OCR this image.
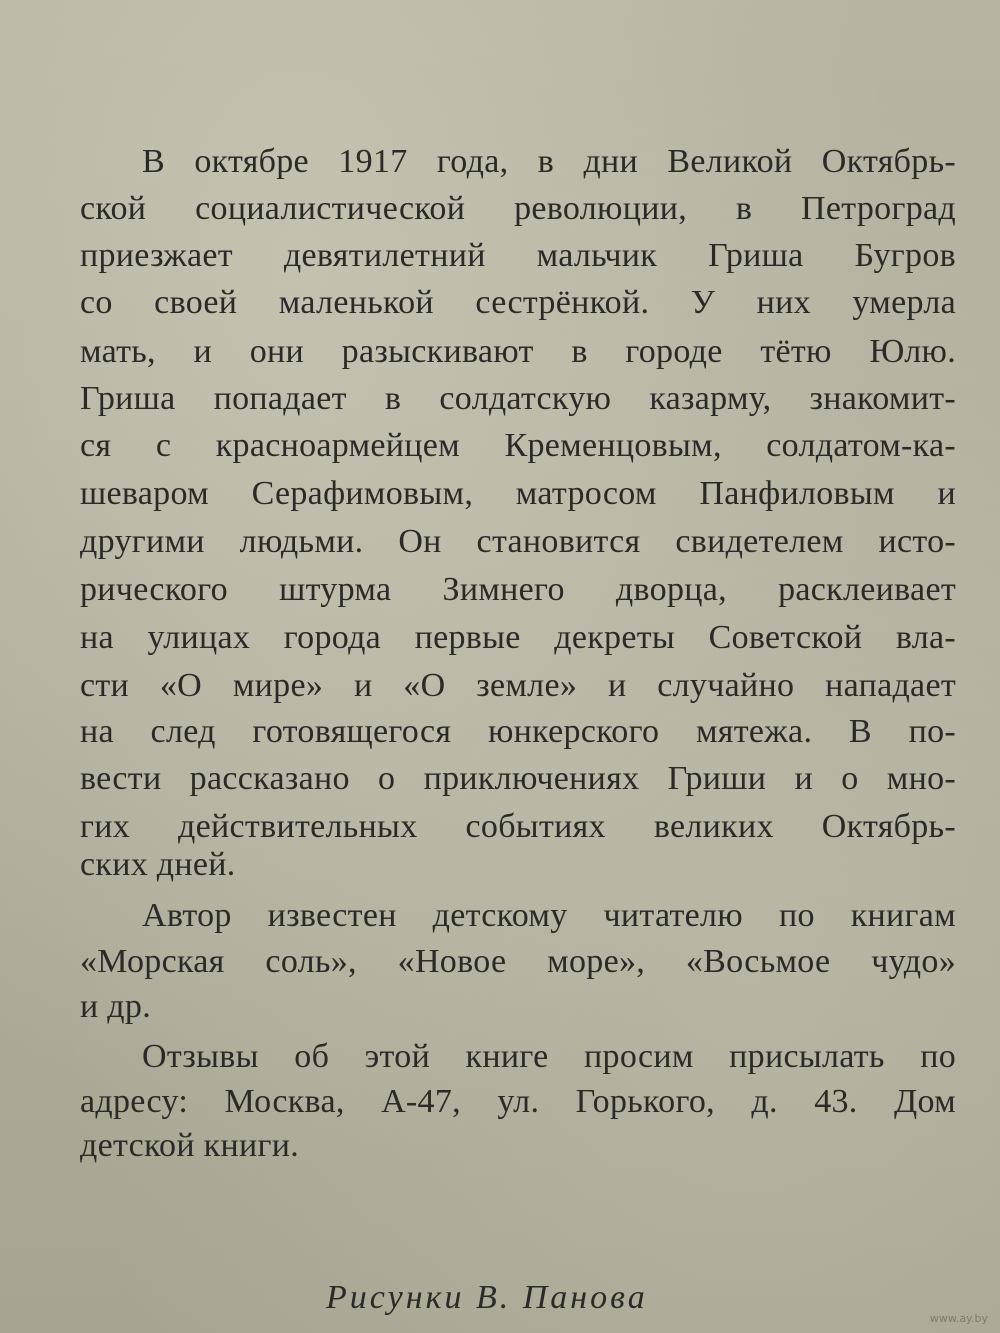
В октябре 1917 года, в дни Великой Октябрь-
ской социалистической революции, в Петроград
приезжает девятилетний мальчик Гриша Бугров
со своей маленькой сестрёнкой. У них умерла
мать, и они разыскивают в городе тётю Юлю.
Гриша попадает в солдатскую казарму, знакомит-
ся с красноармейцем Кременцовым, солдатом-ка-
шеваром Серафимовым, матросом Панфиловым и
другими людьми. Он становится свидетелем исто-
рического штурма Зимнего дворца, расклеивает
на улицах города первые декреты Советской вла-
сти «О мире» и «О земле» и случайно нападает
на след готовящегося юнкерского мятежа. В по-
вести рассказано о приключениях Гриши и о мно-
гих действительных событиях великих Октябрь-
ских дней.
Автор известен детскому читателю по книгам
«Морская соль», «Новое море», «Восьмое чудо»
и др.
Отзывы об этой книге просим присылать по
адресу: Москва, А-47, ул. Горького, д. 43. Дом
детской книги.
Рисунки В. Панова
www.ay.by
